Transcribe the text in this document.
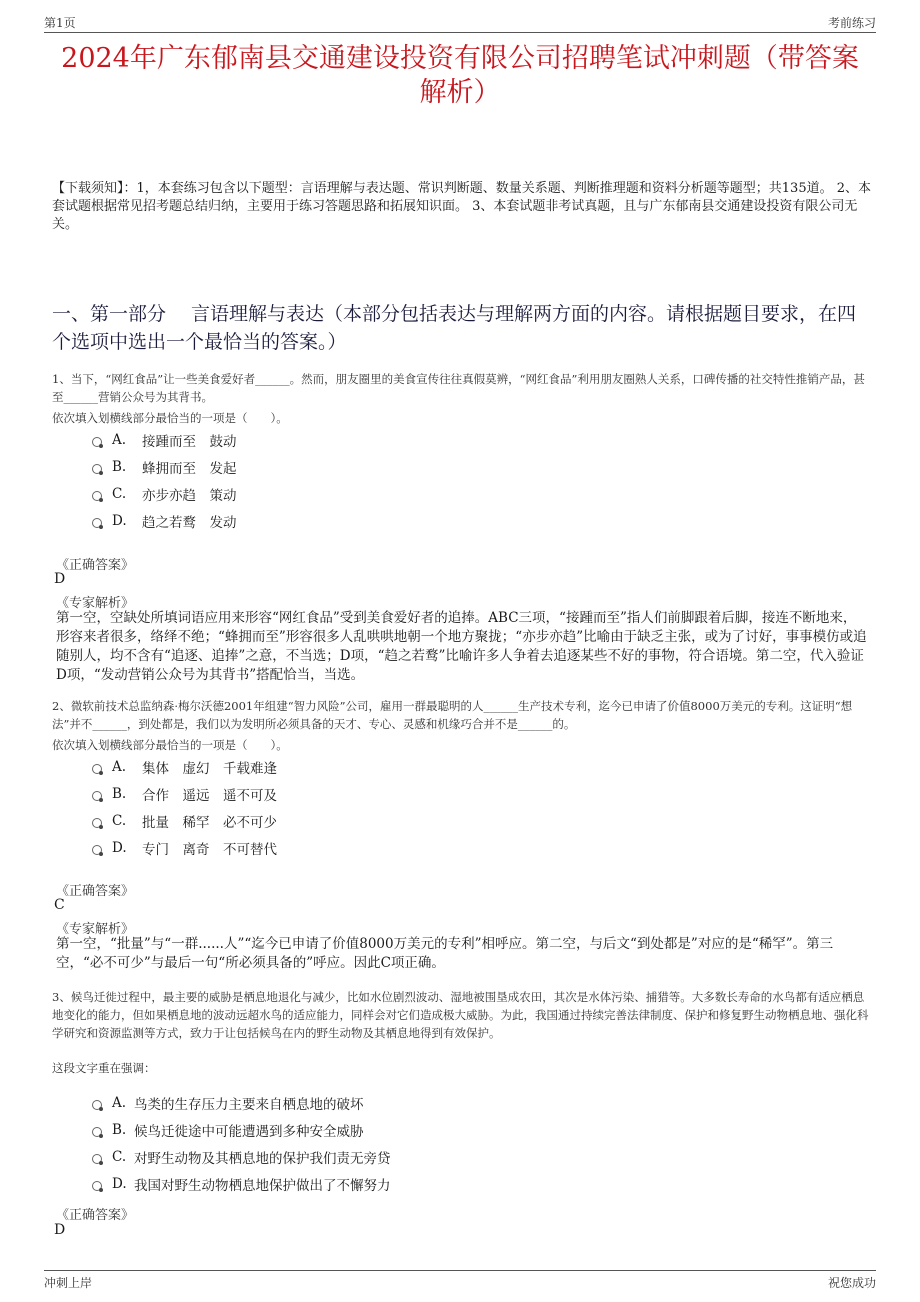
第1页	考前练习
2024年广东郁南县交通建设投资有限公司招聘笔试冲刺题（带答案解析）
【下载须知】：1，本套练习包含以下题型：言语理解与表达题、常识判断题、数量关系题、判断推理题和资料分析题等题型；共135道。 2、本套试题根据常见招考题总结归纳，主要用于练习答题思路和拓展知识面。 3、本套试题非考试真题，且与广东郁南县交通建设投资有限公司无关。
一、第一部分　 言语理解与表达（本部分包括表达与理解两方面的内容。请根据题目要求，在四个选项中选出一个最恰当的答案。）
1、当下，“网红食品”让一些美食爱好者______。然而，朋友圈里的美食宣传往往真假莫辨，“网红食品”利用朋友圈熟人关系，口碑传播的社交特性推销产品，甚至______营销公众号为其背书。
依次填入划横线部分最恰当的一项是（　　）。
A.	接踵而至　鼓动
B.	蜂拥而至　发起
C.	亦步亦趋　策动
D.	趋之若鹜　发动
《正确答案》
D
《专家解析》
第一空，空缺处所填词语应用来形容“网红食品”受到美食爱好者的追捧。ABC三项，“接踵而至”指人们前脚跟着后脚，接连不断地来，形容来者很多，络绎不绝；“蜂拥而至”形容很多人乱哄哄地朝一个地方聚拢；“亦步亦趋”比喻由于缺乏主张，或为了讨好，事事模仿或追随别人，均不含有“追逐、追捧”之意，不当选；D项，“趋之若鹜”比喻许多人争着去追逐某些不好的事物，符合语境。第二空，代入验证D项，“发动营销公众号为其背书”搭配恰当，当选。
2、微软前技术总监纳森·梅尔沃德2001年组建“智力风险”公司，雇用一群最聪明的人______生产技术专利，迄今已申请了价值8000万美元的专利。这证明“想法”并不______，到处都是，我们以为发明所必须具备的天才、专心、灵感和机缘巧合并不是______的。
依次填入划横线部分最恰当的一项是（　　）。
A.	集体　虚幻　千载难逢
B.	合作　遥远　遥不可及
C.	批量　稀罕　必不可少
D.	专门　离奇　不可替代
《正确答案》
C
《专家解析》
第一空，“批量”与“一群......人”“迄今已申请了价值8000万美元的专利”相呼应。第二空，与后文“到处都是”对应的是“稀罕”。第三空，“必不可少”与最后一句“所必须具备的”呼应。因此C项正确。
3、候鸟迁徙过程中，最主要的威胁是栖息地退化与减少，比如水位剧烈波动、湿地被围垦成农田，其次是水体污染、捕猎等。大多数长寿命的水鸟都有适应栖息地变化的能力，但如果栖息地的波动远超水鸟的适应能力，同样会对它们造成极大威胁。为此，我国通过持续完善法律制度、保护和修复野生动物栖息地、强化科学研究和资源监测等方式，致力于让包括候鸟在内的野生动物及其栖息地得到有效保护。
这段文字重在强调：
A. 鸟类的生存压力主要来自栖息地的破坏
B. 候鸟迁徙途中可能遭遇到多种安全威胁
C. 对野生动物及其栖息地的保护我们责无旁贷
D. 我国对野生动物栖息地保护做出了不懈努力
《正确答案》
D
冲刺上岸	祝您成功
